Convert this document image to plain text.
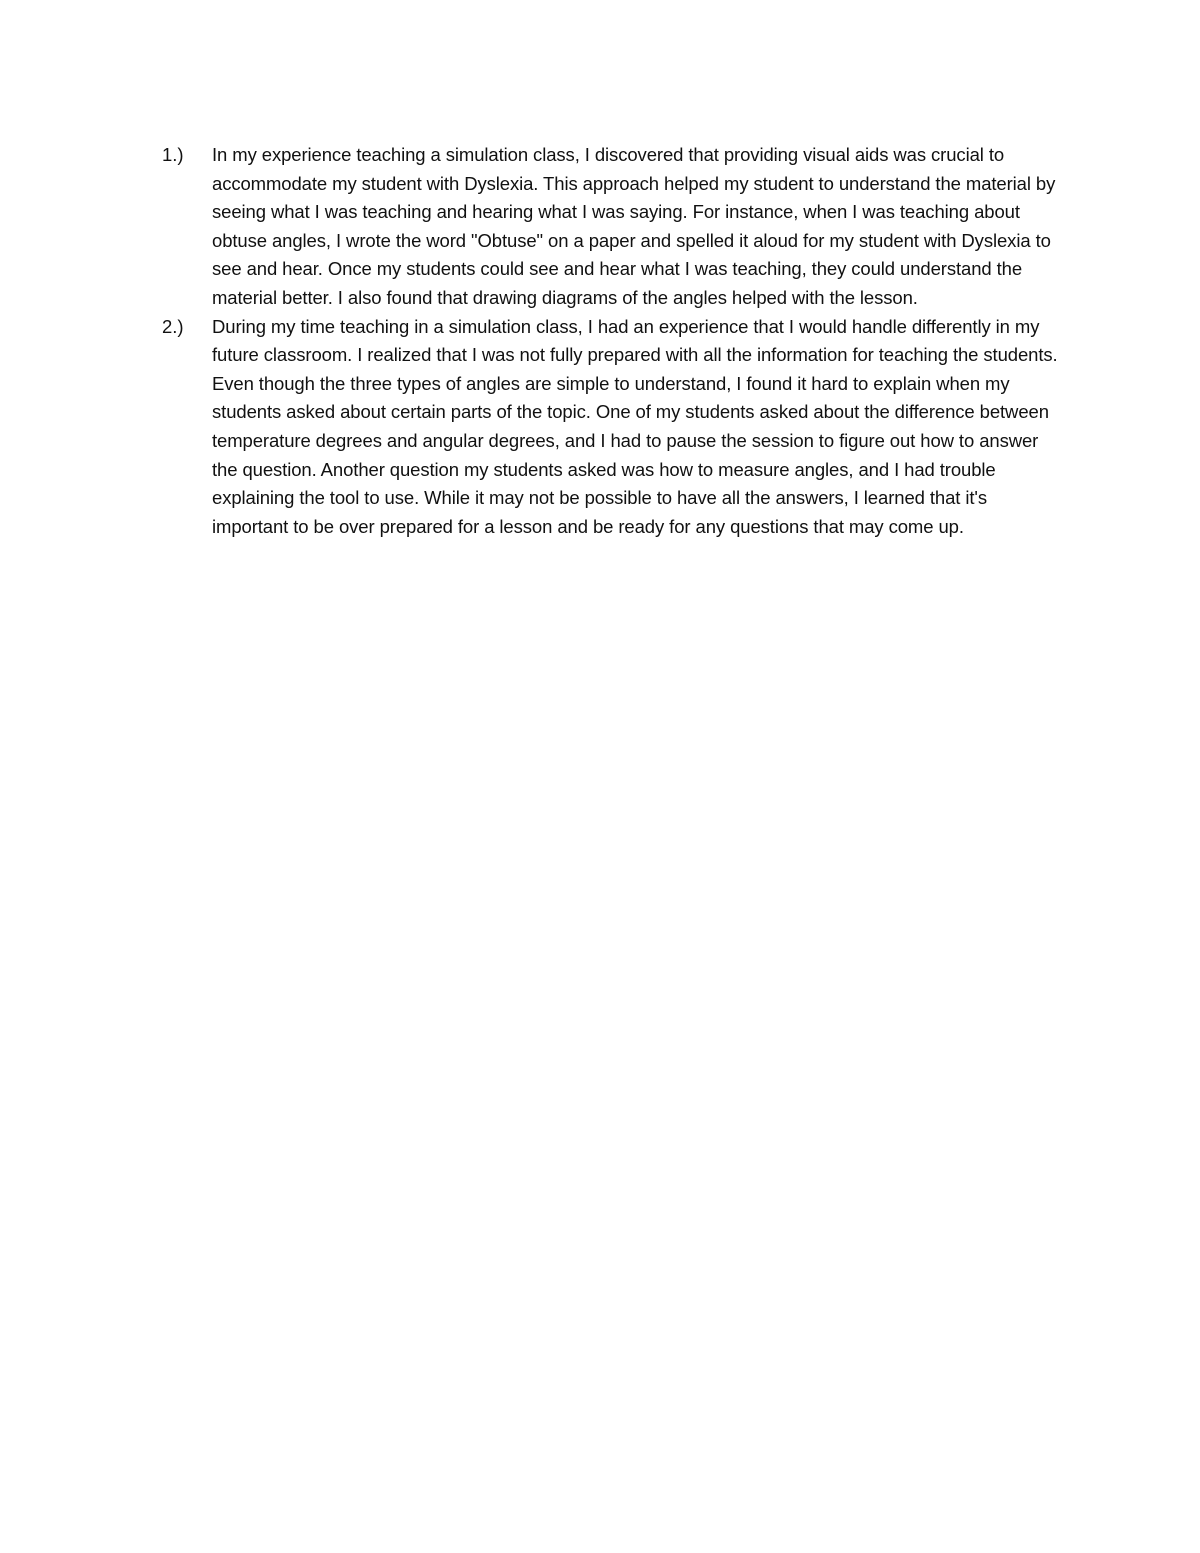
1.) In my experience teaching a simulation class, I discovered that providing visual aids was crucial to accommodate my student with Dyslexia. This approach helped my student to understand the material by seeing what I was teaching and hearing what I was saying. For instance, when I was teaching about obtuse angles, I wrote the word "Obtuse" on a paper and spelled it aloud for my student with Dyslexia to see and hear. Once my students could see and hear what I was teaching, they could understand the material better. I also found that drawing diagrams of the angles helped with the lesson.
2.) During my time teaching in a simulation class, I had an experience that I would handle differently in my future classroom. I realized that I was not fully prepared with all the information for teaching the students. Even though the three types of angles are simple to understand, I found it hard to explain when my students asked about certain parts of the topic. One of my students asked about the difference between temperature degrees and angular degrees, and I had to pause the session to figure out how to answer the question. Another question my students asked was how to measure angles, and I had trouble explaining the tool to use. While it may not be possible to have all the answers, I learned that it's important to be over prepared for a lesson and be ready for any questions that may come up.
